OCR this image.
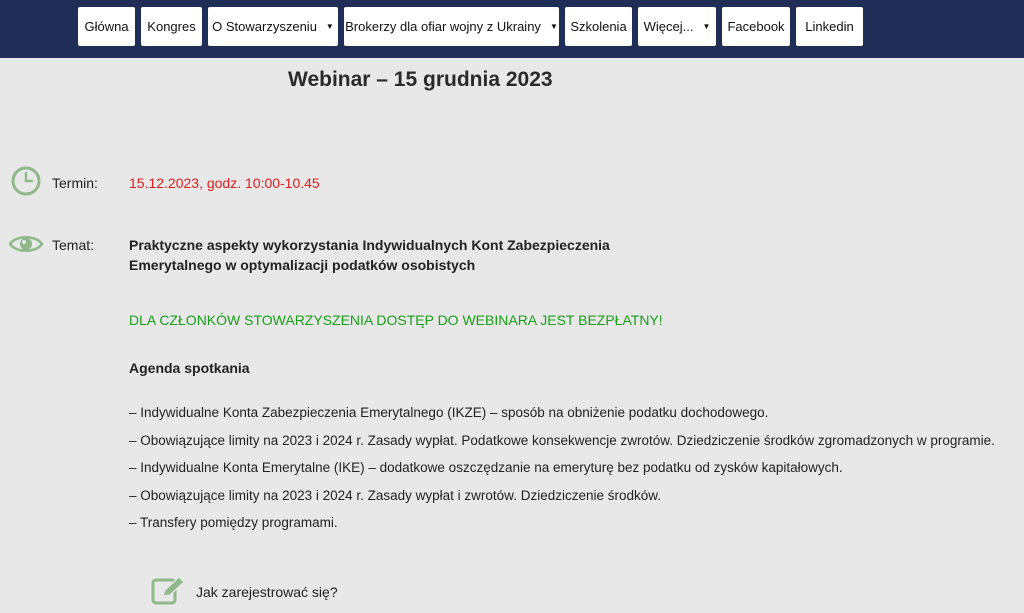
Główna Kongres O Stowarzyszeniu ▼ Brokerzy dla ofiar wojny z Ukrainy ▼ Szkolenia Więcej... ▼ Facebook Linkedin
Webinar – 15 grudnia 2023
Termin: 15.12.2023, godz. 10:00-10.45
Temat: Praktyczne aspekty wykorzystania Indywidualnych Kont Zabezpieczenia
Emerytalnego w optymalizacji podatków osobistych
DLA CZŁONKÓW STOWARZYSZENIA DOSTĘP DO WEBINARA JEST BEZPŁATNY!
Agenda spotkania
– Indywidualne Konta Zabezpieczenia Emerytalnego (IKZE) – sposób na obniżenie podatku dochodowego.
– Obowiązujące limity na 2023 i 2024 r. Zasady wypłat. Podatkowe konsekwencje zwrotów. Dziedziczenie środków zgromadzonych w programie.
– Indywidualne Konta Emerytalne (IKE) – dodatkowe oszczędzanie na emeryturę bez podatku od zysków kapitałowych.
– Obowiązujące limity na 2023 i 2024 r. Zasady wypłat i zwrotów. Dziedziczenie środków.
– Transfery pomiędzy programami.
Jak zarejestrować się?
